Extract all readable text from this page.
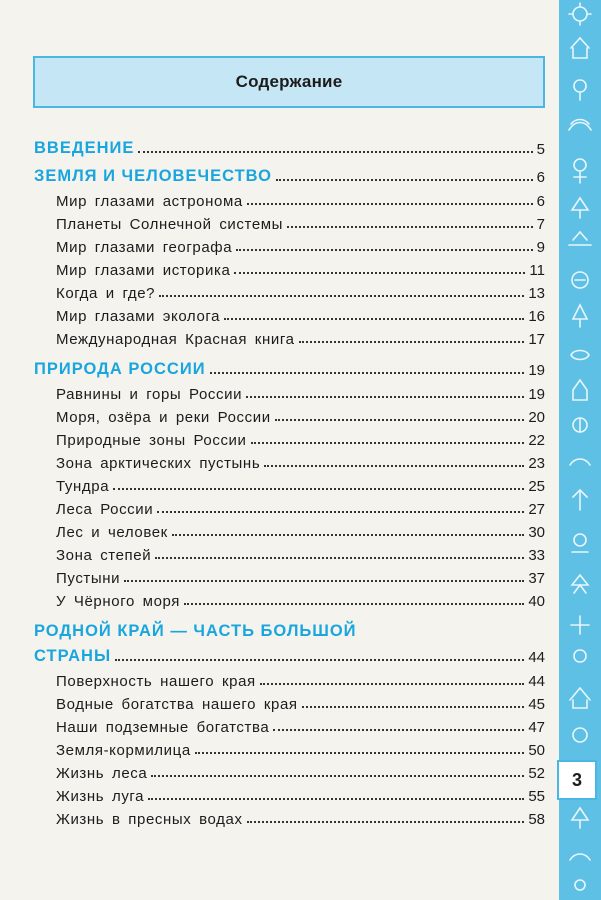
Содержание
ВВЕДЕНИЕ	5
ЗЕМЛЯ И ЧЕЛОВЕЧЕСТВО	6
Мир глазами астронома	6
Планеты Солнечной системы	7
Мир глазами географа	9
Мир глазами историка	11
Когда и где?	13
Мир глазами эколога	16
Международная Красная книга	17
ПРИРОДА РОССИИ	19
Равнины и горы России	19
Моря, озёра и реки России	20
Природные зоны России	22
Зона арктических пустынь	23
Тундра	25
Леса России	27
Лес и человек	30
Зона степей	33
Пустыни	37
У Чёрного моря	40
РОДНОЙ КРАЙ — ЧАСТЬ БОЛЬШОЙ
СТРАНЫ	44
Поверхность нашего края	44
Водные богатства нашего края	45
Наши подземные богатства	47
Земля-кормилица	50
Жизнь леса	52
Жизнь луга	55
Жизнь в пресных водах	58
3
